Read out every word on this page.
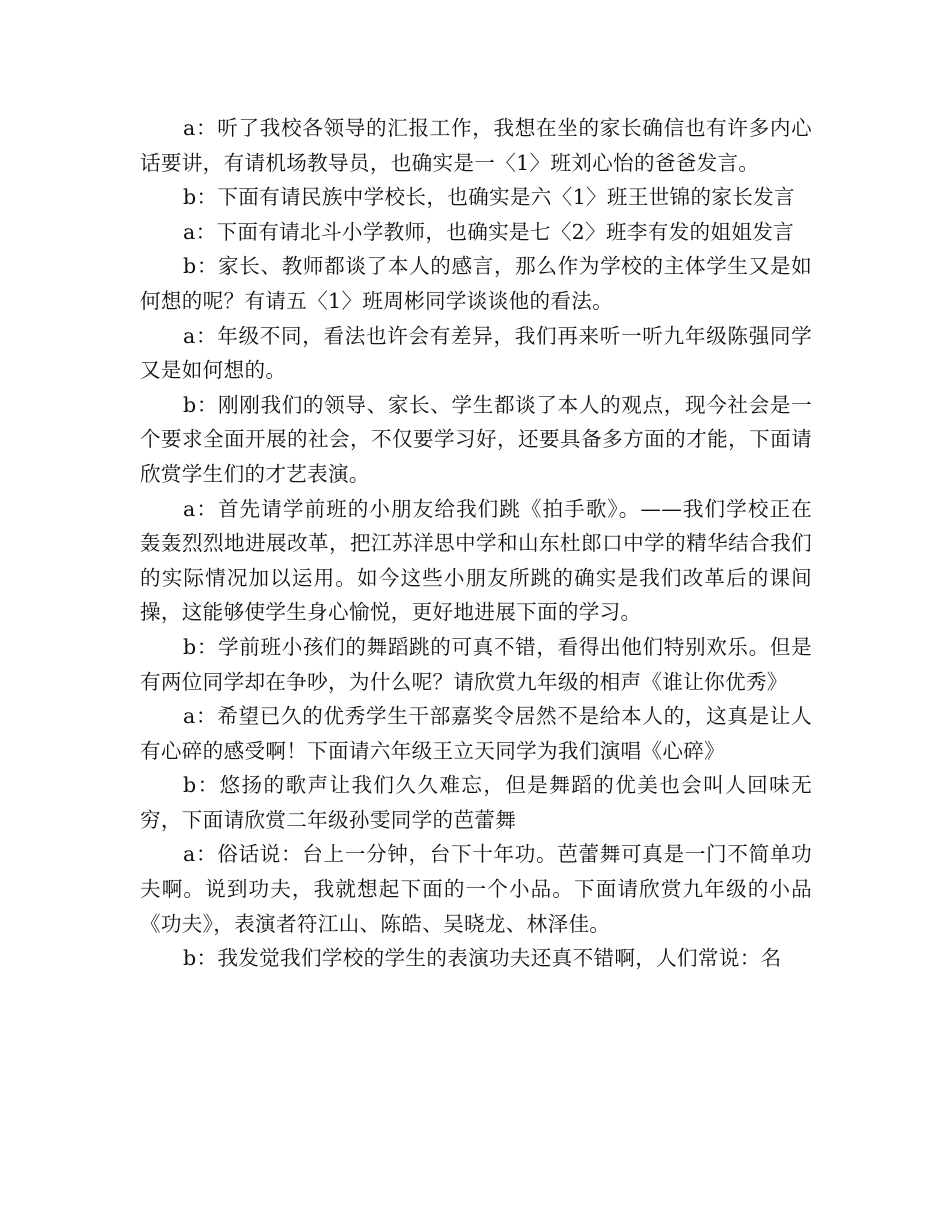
a：听了我校各领导的汇报工作，我想在坐的家长确信也有许多内心话要讲，有请机场教导员，也确实是一〈1〉班刘心怡的爸爸发言。

b：下面有请民族中学校长，也确实是六〈1〉班王世锦的家长发言

a：下面有请北斗小学教师，也确实是七〈2〉班李有发的姐姐发言

b：家长、教师都谈了本人的感言，那么作为学校的主体学生又是如何想的呢？有请五〈1〉班周彬同学谈谈他的看法。

a：年级不同，看法也许会有差异，我们再来听一听九年级陈强同学又是如何想的。

b：刚刚我们的领导、家长、学生都谈了本人的观点，现今社会是一个要求全面开展的社会，不仅要学习好，还要具备多方面的才能，下面请欣赏学生们的才艺表演。

a：首先请学前班的小朋友给我们跳《拍手歌》。——我们学校正在轰轰烈烈地进展改革，把江苏洋思中学和山东杜郎口中学的精华结合我们的实际情况加以运用。如今这些小朋友所跳的确实是我们改革后的课间操，这能够使学生身心愉悦，更好地进展下面的学习。

b：学前班小孩们的舞蹈跳的可真不错，看得出他们特别欢乐。但是有两位同学却在争吵，为什么呢？请欣赏九年级的相声《谁让你优秀》

a：希望已久的优秀学生干部嘉奖令居然不是给本人的，这真是让人有心碎的感受啊！下面请六年级王立天同学为我们演唱《心碎》

b：悠扬的歌声让我们久久难忘，但是舞蹈的优美也会叫人回味无穷，下面请欣赏二年级孙雯同学的芭蕾舞

a：俗话说：台上一分钟，台下十年功。芭蕾舞可真是一门不简单功夫啊。说到功夫，我就想起下面的一个小品。下面请欣赏九年级的小品《功夫》，表演者符江山、陈皓、吴晓龙、林泽佳。

b：我发觉我们学校的学生的表演功夫还真不错啊，人们常说：名
